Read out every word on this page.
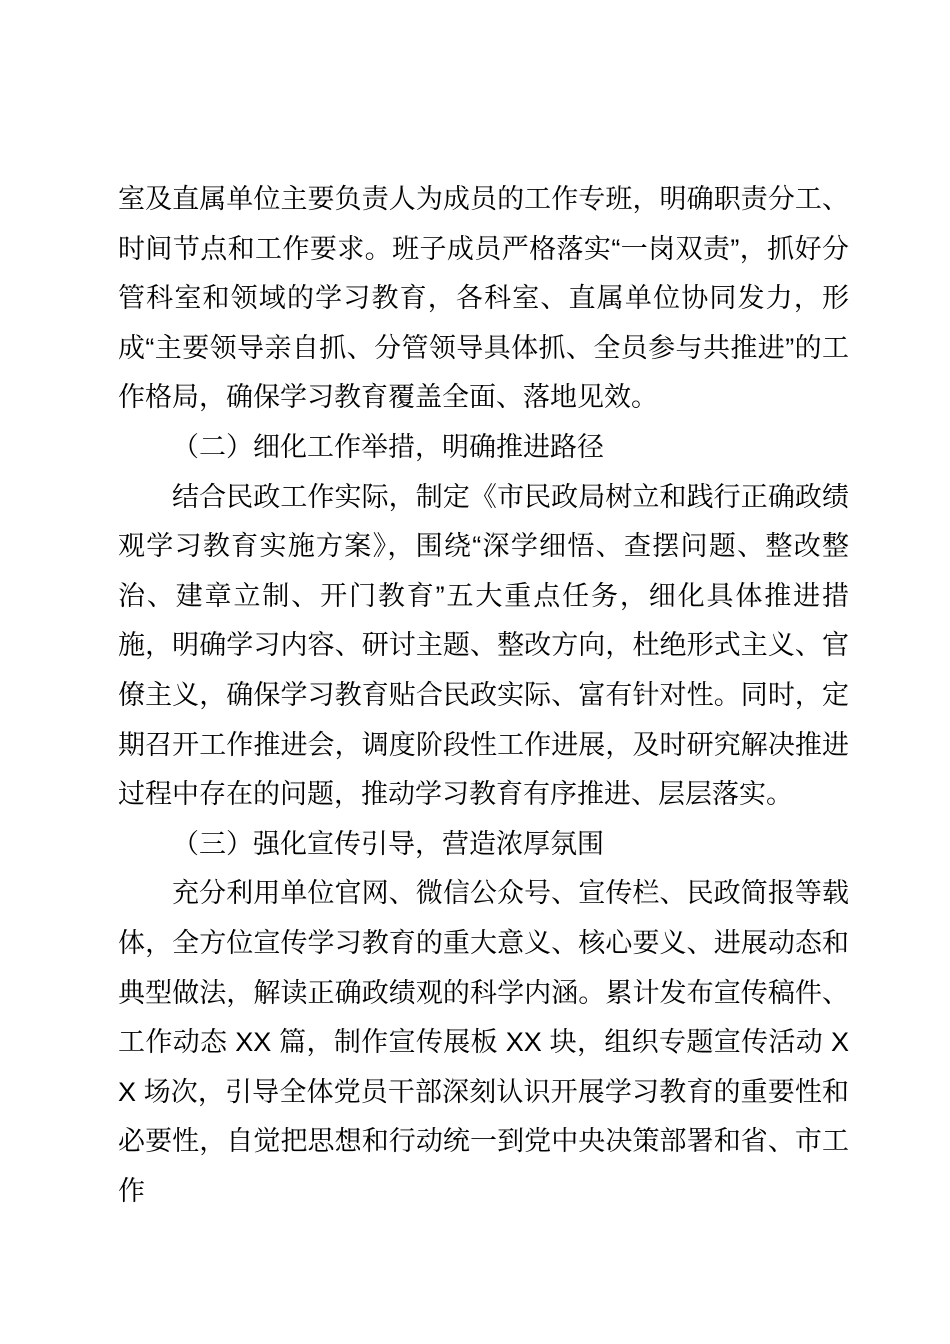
室及直属单位主要负责人为成员的工作专班，明确职责分工、时间节点和工作要求。班子成员严格落实“一岗双责”，抓好分管科室和领域的学习教育，各科室、直属单位协同发力，形成“主要领导亲自抓、分管领导具体抓、全员参与共推进”的工作格局，确保学习教育覆盖全面、落地见效。

（二）细化工作举措，明确推进路径

结合民政工作实际，制定《市民政局树立和践行正确政绩观学习教育实施方案》，围绕“深学细悟、查摆问题、整改整治、建章立制、开门教育”五大重点任务，细化具体推进措施，明确学习内容、研讨主题、整改方向，杜绝形式主义、官僚主义，确保学习教育贴合民政实际、富有针对性。同时，定期召开工作推进会，调度阶段性工作进展，及时研究解决推进过程中存在的问题，推动学习教育有序推进、层层落实。

（三）强化宣传引导，营造浓厚氛围

充分利用单位官网、微信公众号、宣传栏、民政简报等载体，全方位宣传学习教育的重大意义、核心要义、进展动态和典型做法，解读正确政绩观的科学内涵。累计发布宣传稿件、工作动态 XX 篇，制作宣传展板 XX 块，组织专题宣传活动 XX 场次，引导全体党员干部深刻认识开展学习教育的重要性和必要性，自觉把思想和行动统一到党中央决策部署和省、市工作
